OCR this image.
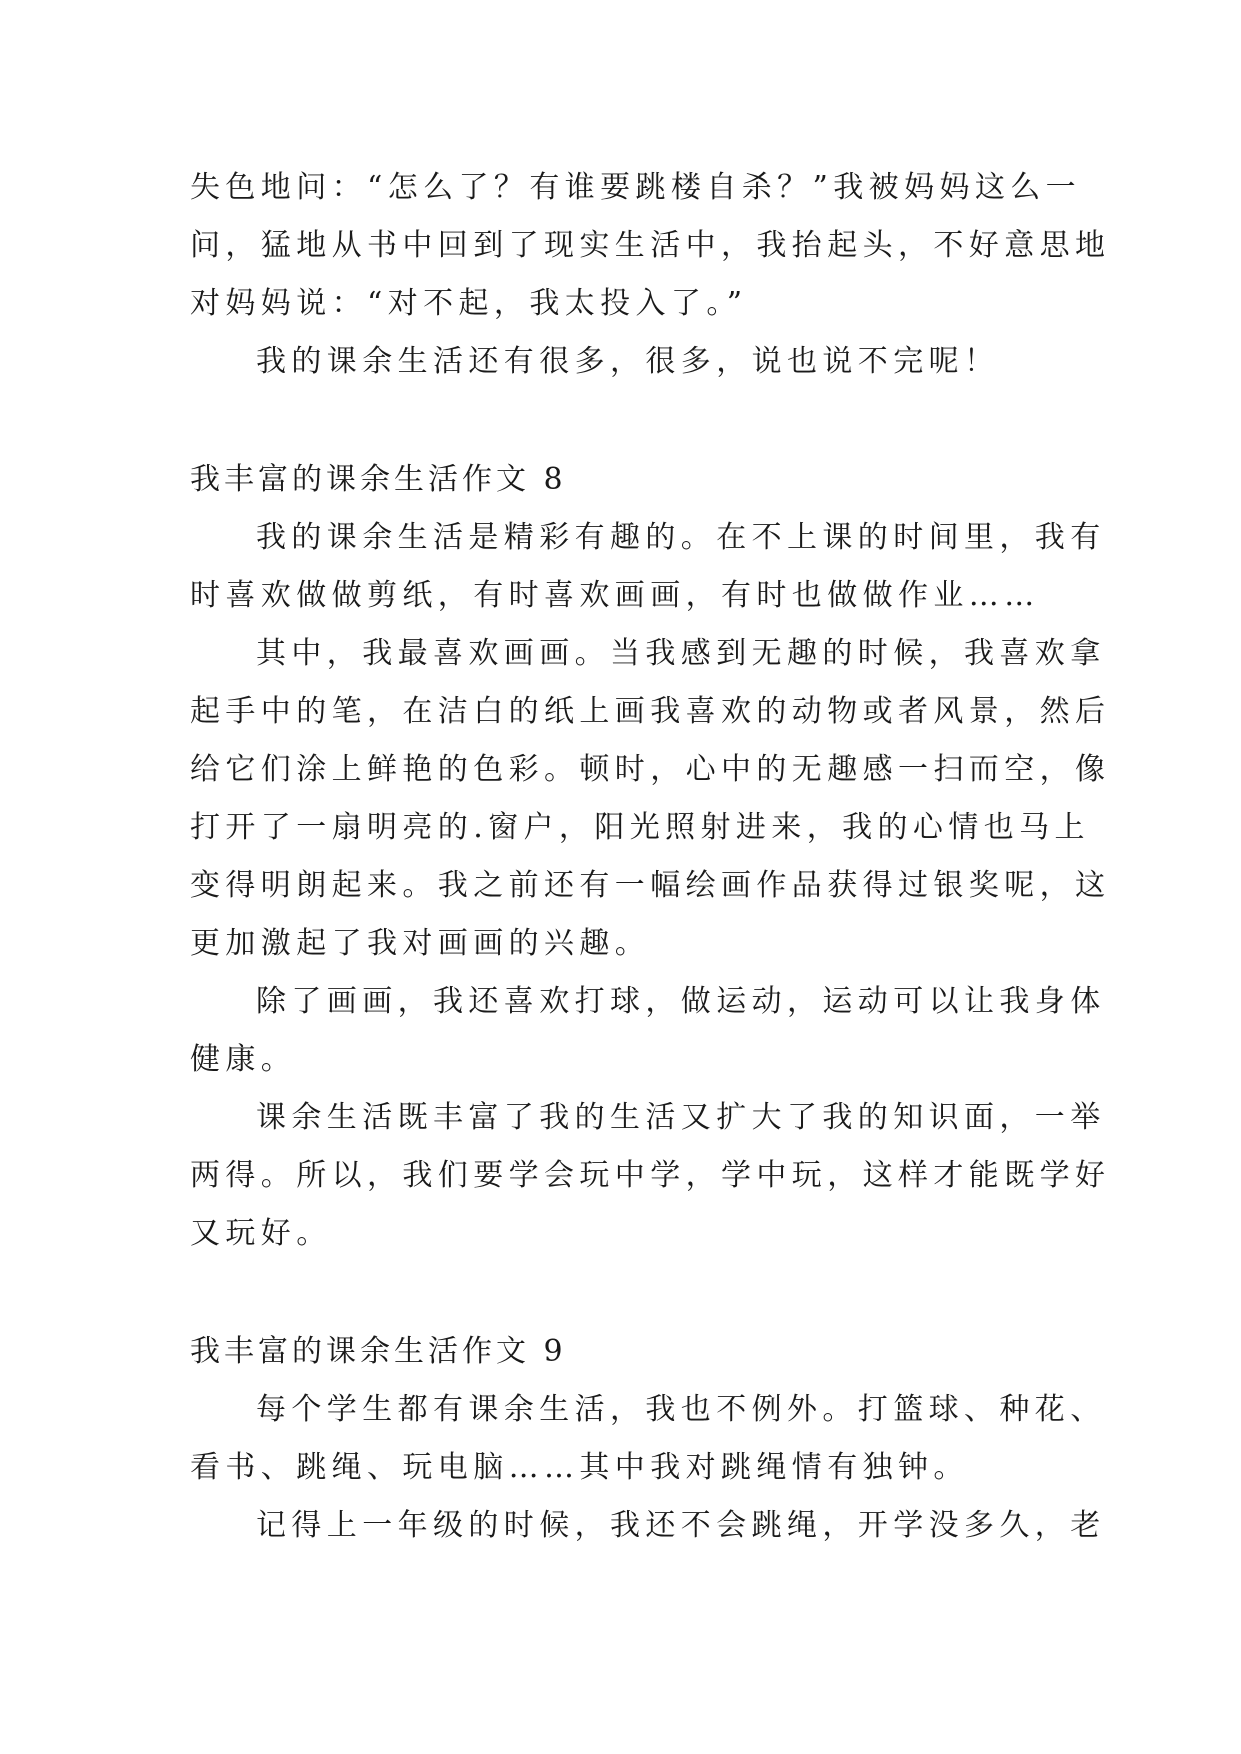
失色地问：“怎么了？有谁要跳楼自杀？”我被妈妈这么一
问，猛地从书中回到了现实生活中，我抬起头，不好意思地
对妈妈说：“对不起，我太投入了。”
我的课余生活还有很多，很多，说也说不完呢！
我丰富的课余生活作文 8
我的课余生活是精彩有趣的。在不上课的时间里，我有
时喜欢做做剪纸，有时喜欢画画，有时也做做作业……
其中，我最喜欢画画。当我感到无趣的时候，我喜欢拿
起手中的笔，在洁白的纸上画我喜欢的动物或者风景，然后
给它们涂上鲜艳的色彩。顿时，心中的无趣感一扫而空，像
打开了一扇明亮的.窗户，阳光照射进来，我的心情也马上
变得明朗起来。我之前还有一幅绘画作品获得过银奖呢，这
更加激起了我对画画的兴趣。
除了画画，我还喜欢打球，做运动，运动可以让我身体
健康。
课余生活既丰富了我的生活又扩大了我的知识面，一举
两得。所以，我们要学会玩中学，学中玩，这样才能既学好
又玩好。
我丰富的课余生活作文 9
每个学生都有课余生活，我也不例外。打篮球、种花、
看书、跳绳、玩电脑……其中我对跳绳情有独钟。
记得上一年级的时候，我还不会跳绳，开学没多久，老
